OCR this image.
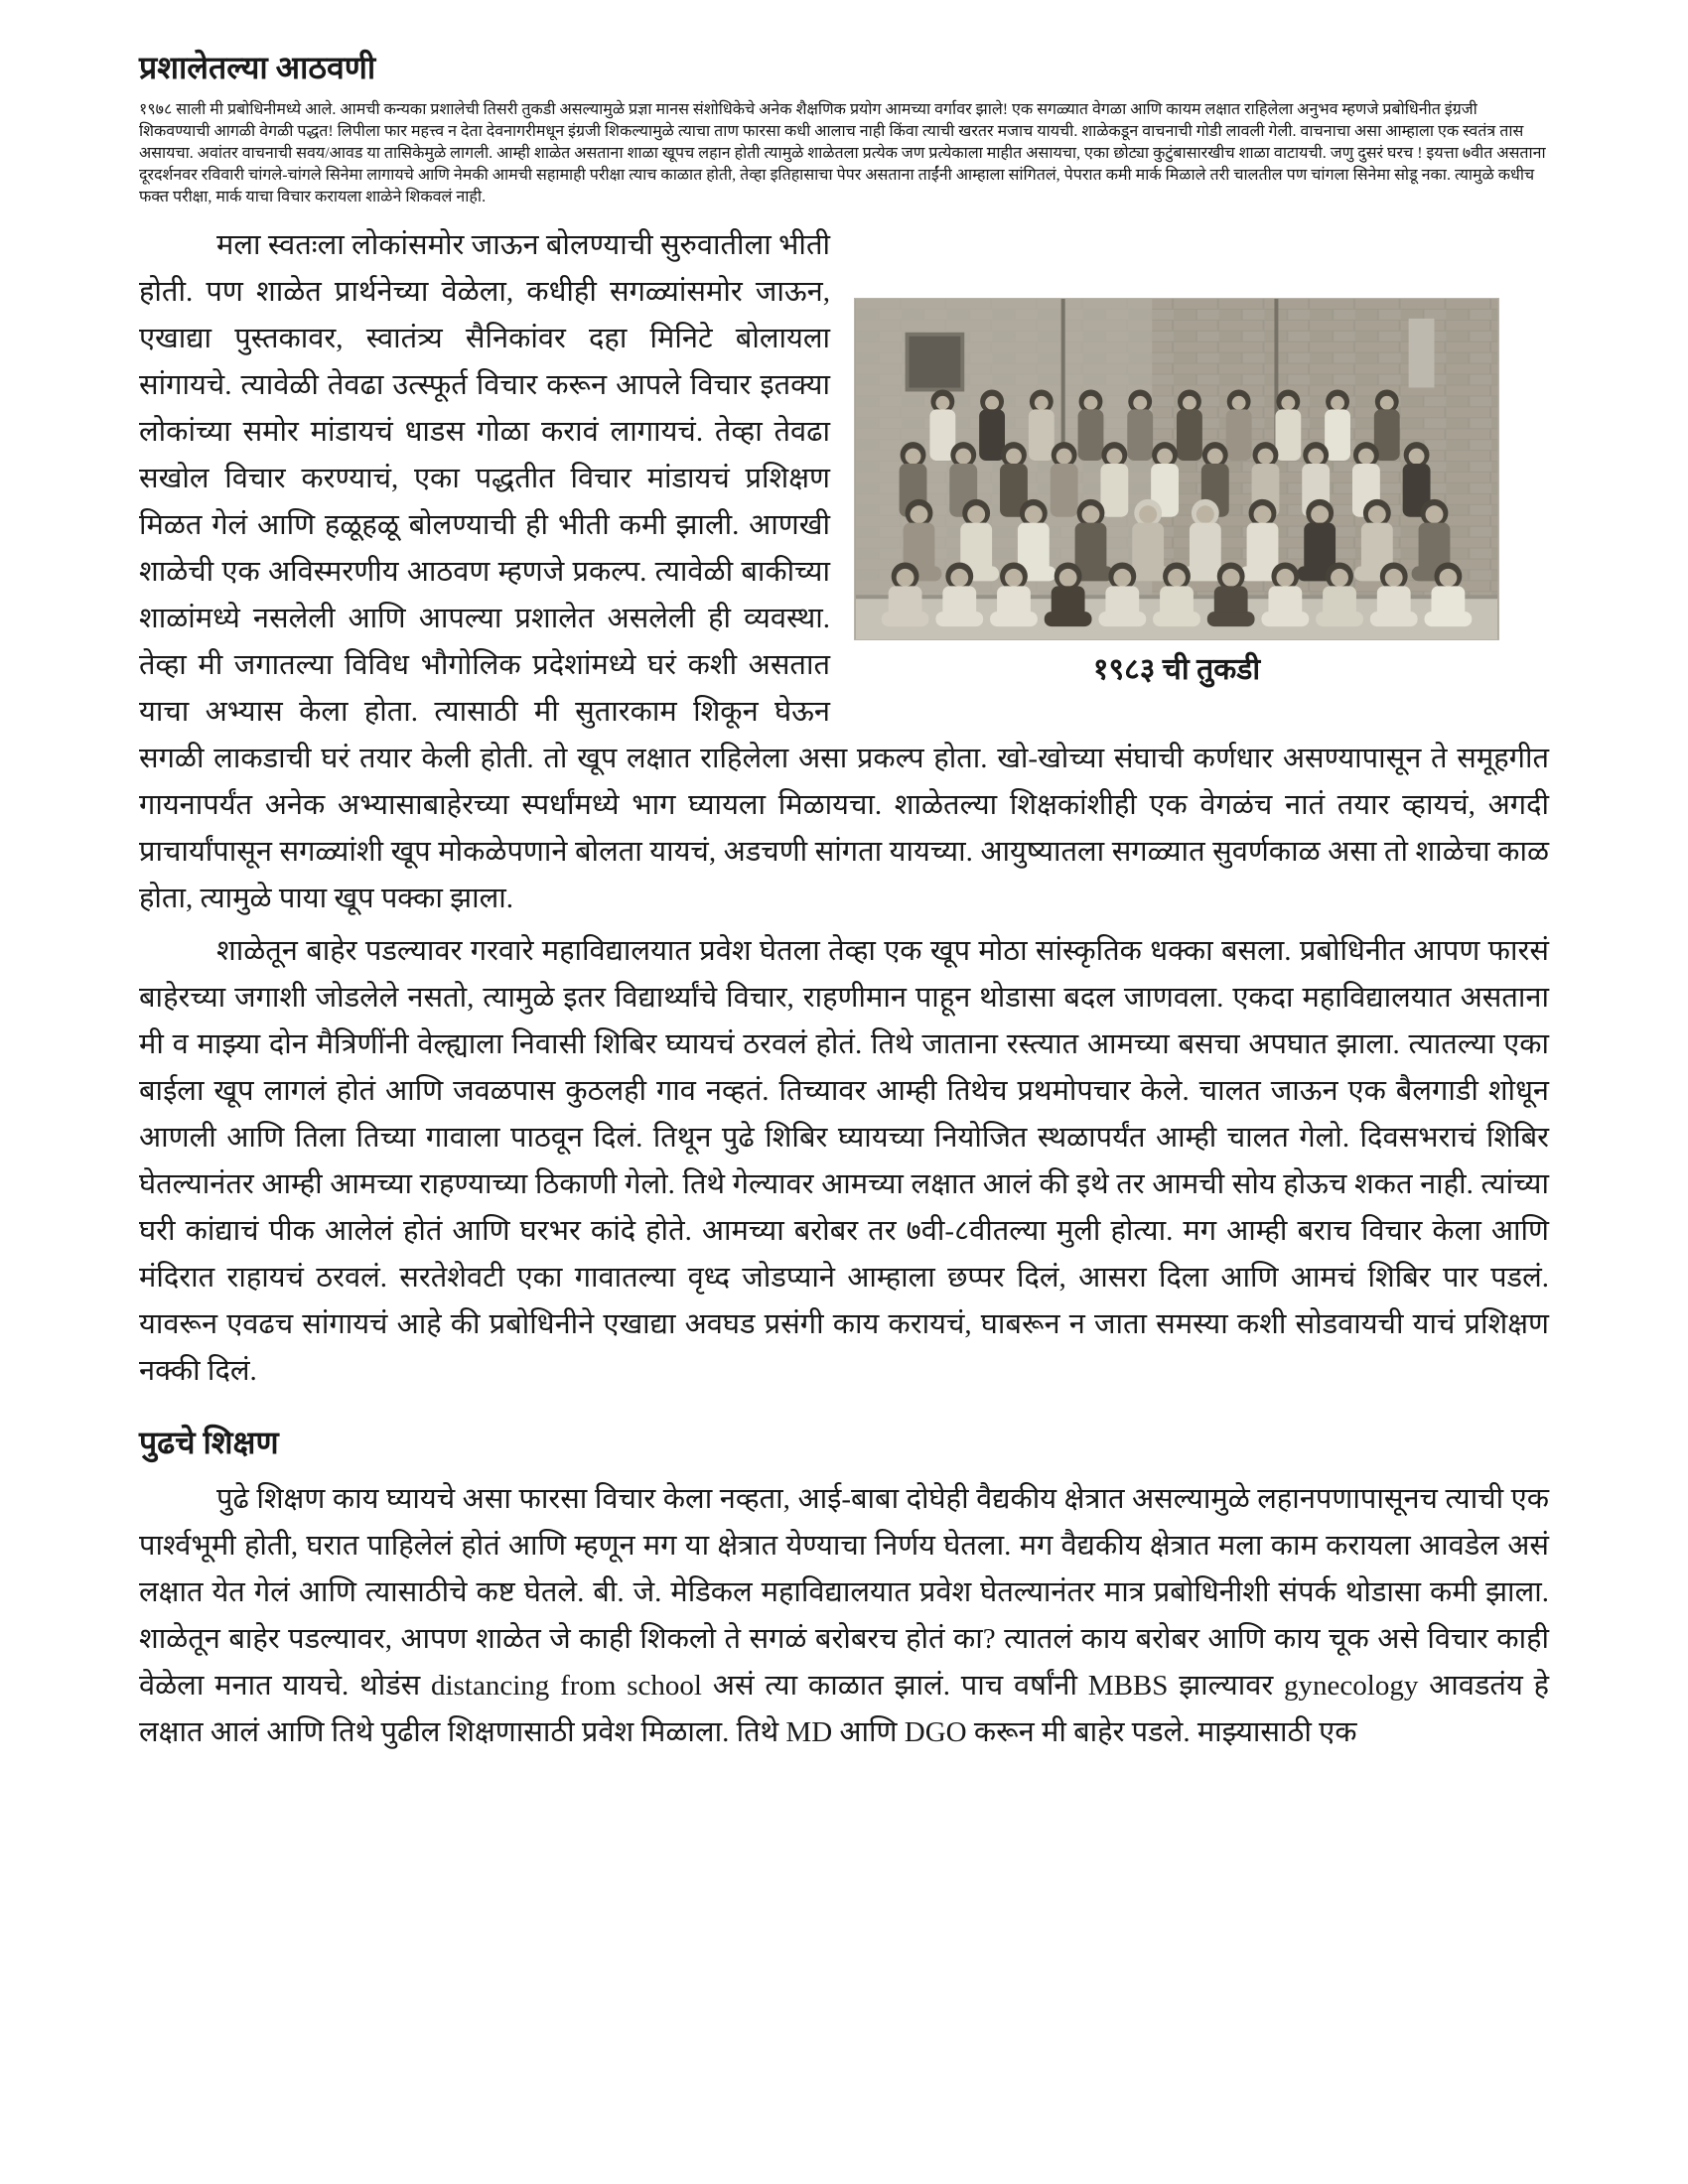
प्रशालेतल्या आठवणी

१९८३ ची तुकडी
१९७८ साली मी प्रबोधिनीमध्ये आले. आमची कन्यका प्रशालेची तिसरी तुकडी असल्यामुळे प्रज्ञा मानस संशोधिकेचे अनेक शैक्षणिक प्रयोग आमच्या वर्गावर झाले! एक सगळ्यात वेगळा आणि कायम लक्षात राहिलेला अनुभव म्हणजे प्रबोधिनीत इंग्रजी शिकवण्याची आगळी वेगळी पद्धत! लिपीला फार महत्त्व न देता देवनागरीमधून इंग्रजी शिकल्यामुळे त्याचा ताण फारसा कधी आलाच नाही किंवा त्याची खरतर मजाच यायची. शाळेकडून वाचनाची गोडी लावली गेली. वाचनाचा असा आम्हाला एक स्वतंत्र तास असायचा. अवांतर वाचनाची सवय/आवड या तासिकेमुळे लागली. आम्ही शाळेत असताना शाळा खूपच लहान होती त्यामुळे शाळेतला प्रत्येक जण प्रत्येकाला माहीत असायचा, एका छोट्या कुटुंबासारखीच शाळा वाटायची. जणु दुसरं घरच ! इयत्ता ७वीत असताना दूरदर्शनवर रविवारी चांगले-चांगले सिनेमा लागायचे आणि नेमकी आमची सहामाही परीक्षा त्याच काळात होती, तेव्हा इतिहासाचा पेपर असताना ताईंनी आम्हाला सांगितलं, पेपरात कमी मार्क मिळाले तरी चालतील पण चांगला सिनेमा सोडू नका. त्यामुळे कधीच फक्त परीक्षा, मार्क याचा विचार करायला शाळेने शिकवलं नाही.

मला स्वतःला लोकांसमोर जाऊन बोलण्याची सुरुवातीला भीती होती. पण शाळेत प्रार्थनेच्या वेळेला, कधीही सगळ्यांसमोर जाऊन, एखाद्या पुस्तकावर, स्वातंत्र्य सैनिकांवर दहा मिनिटे बोलायला सांगायचे. त्यावेळी तेवढा उत्स्फूर्त विचार करून आपले विचार इतक्या लोकांच्या समोर मांडायचं धाडस गोळा करावं लागायचं. तेव्हा तेवढा सखोल विचार करण्याचं, एका पद्धतीत विचार मांडायचं प्रशिक्षण मिळत गेलं आणि हळूहळू बोलण्याची ही भीती कमी झाली. आणखी शाळेची एक अविस्मरणीय आठवण म्हणजे प्रकल्प. त्यावेळी बाकीच्या शाळांमध्ये नसलेली आणि आपल्या प्रशालेत असलेली ही व्यवस्था. तेव्हा मी जगातल्या विविध भौगोलिक प्रदेशांमध्ये घरं कशी असतात याचा अभ्यास केला होता. त्यासाठी मी सुतारकाम शिकून घेऊन सगळी लाकडाची घरं तयार केली होती. तो खूप लक्षात राहिलेला असा प्रकल्प होता. खो-खोच्या संघाची कर्णधार असण्यापासून ते समूहगीत गायनापर्यंत अनेक अभ्यासाबाहेरच्या स्पर्धांमध्ये भाग घ्यायला मिळायचा. शाळेतल्या शिक्षकांशीही एक वेगळंच नातं तयार व्हायचं, अगदी प्राचार्यांपासून सगळ्यांशी खूप मोकळेपणाने बोलता यायचं, अडचणी सांगता यायच्या. आयुष्यातला सगळ्यात सुवर्णकाळ असा तो शाळेचा काळ होता, त्यामुळे पाया खूप पक्का झाला.

शाळेतून बाहेर पडल्यावर गरवारे महाविद्यालयात प्रवेश घेतला तेव्हा एक खूप मोठा सांस्कृतिक धक्का बसला. प्रबोधिनीत आपण फारसं बाहेरच्या जगाशी जोडलेले नसतो, त्यामुळे इतर विद्यार्थ्यांचे विचार, राहणीमान पाहून थोडासा बदल जाणवला. एकदा महाविद्यालयात असताना मी व माझ्या दोन मैत्रिणींनी वेल्ह्याला निवासी शिबिर घ्यायचं ठरवलं होतं. तिथे जाताना रस्त्यात आमच्या बसचा अपघात झाला. त्यातल्या एका बाईला खूप लागलं होतं आणि जवळपास कुठलही गाव नव्हतं. तिच्यावर आम्ही तिथेच प्रथमोपचार केले. चालत जाऊन एक बैलगाडी शोधून आणली आणि तिला तिच्या गावाला पाठवून दिलं. तिथून पुढे शिबिर घ्यायच्या नियोजित स्थळापर्यंत आम्ही चालत गेलो. दिवसभराचं शिबिर घेतल्यानंतर आम्ही आमच्या राहण्याच्या ठिकाणी गेलो. तिथे गेल्यावर आमच्या लक्षात आलं की इथे तर आमची सोय होऊच शकत नाही. त्यांच्या घरी कांद्याचं पीक आलेलं होतं आणि घरभर कांदे होते. आमच्या बरोबर तर ७वी-८वीतल्या मुली होत्या. मग आम्ही बराच विचार केला आणि मंदिरात राहायचं ठरवलं. सरतेशेवटी एका गावातल्या वृध्द जोडप्याने आम्हाला छप्पर दिलं, आसरा दिला आणि आमचं शिबिर पार पडलं. यावरून एवढच सांगायचं आहे की प्रबोधिनीने एखाद्या अवघड प्रसंगी काय करायचं, घाबरून न जाता समस्या कशी सोडवायची याचं प्रशिक्षण नक्की दिलं.

पुढचे शिक्षण

पुढे शिक्षण काय घ्यायचे असा फारसा विचार केला नव्हता, आई-बाबा दोघेही वैद्यकीय क्षेत्रात असल्यामुळे लहानपणापासूनच त्याची एक पार्श्वभूमी होती, घरात पाहिलेलं होतं आणि म्हणून मग या क्षेत्रात येण्याचा निर्णय घेतला. मग वैद्यकीय क्षेत्रात मला काम करायला आवडेल असं लक्षात येत गेलं आणि त्यासाठीचे कष्ट घेतले. बी. जे. मेडिकल महाविद्यालयात प्रवेश घेतल्यानंतर मात्र प्रबोधिनीशी संपर्क थोडासा कमी झाला. शाळेतून बाहेर पडल्यावर, आपण शाळेत जे काही शिकलो ते सगळं बरोबरच होतं का? त्यातलं काय बरोबर आणि काय चूक असे विचार काही वेळेला मनात यायचे. थोडंस distancing from school असं त्या काळात झालं. पाच वर्षांनी MBBS झाल्यावर gynecology आवडतंय हे लक्षात आलं आणि तिथे पुढील शिक्षणासाठी प्रवेश मिळाला. तिथे MD आणि DGO करून मी बाहेर पडले. माझ्यासाठी एक
